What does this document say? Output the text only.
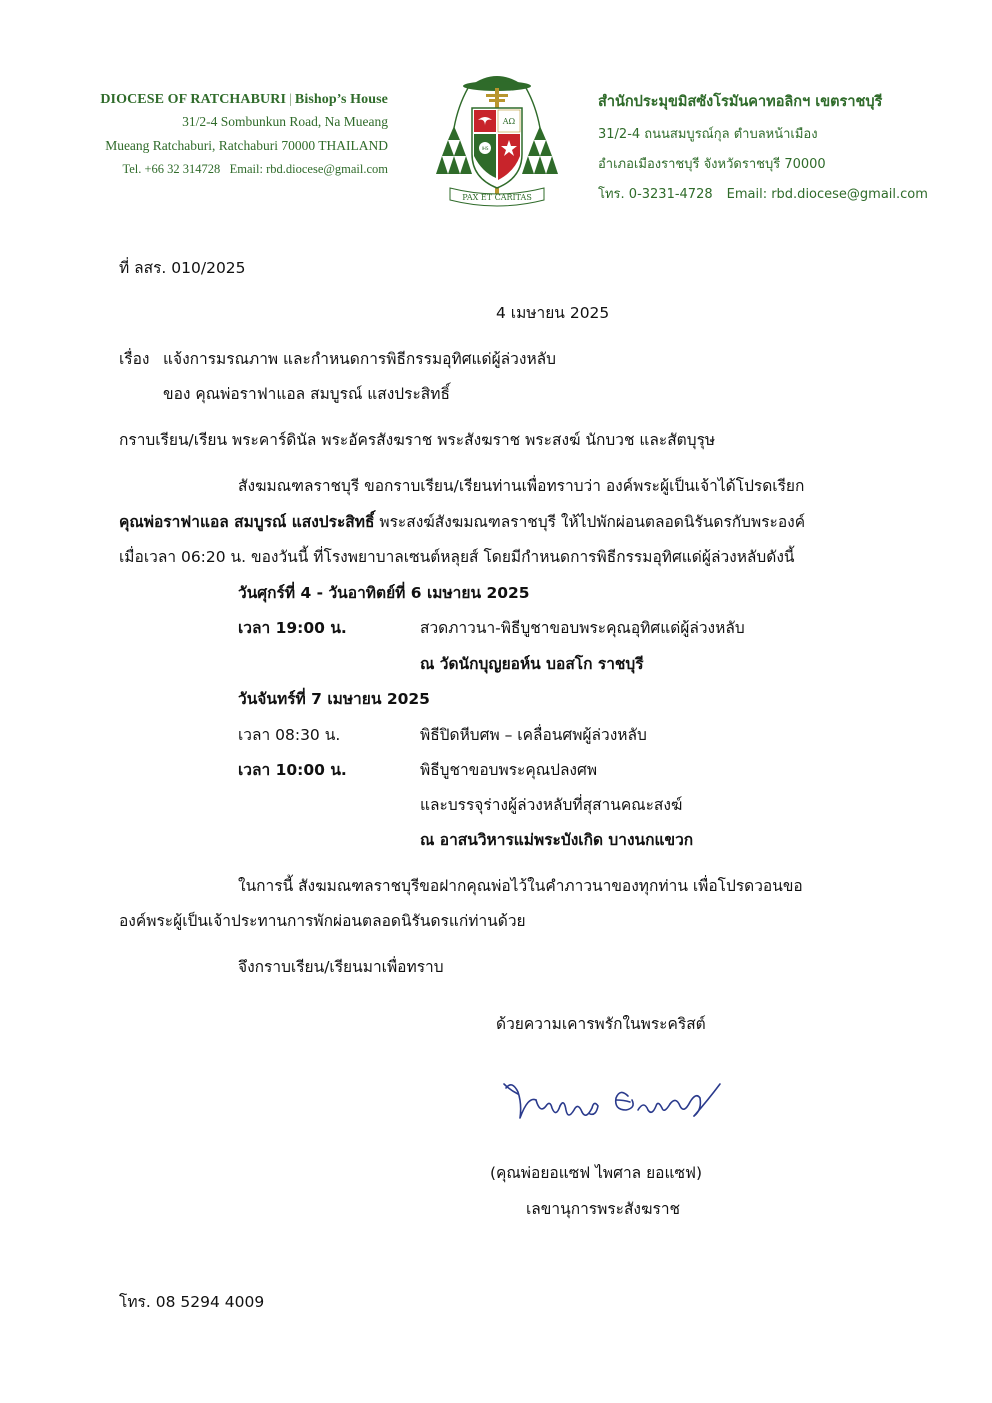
DIOCESE OF RATCHABURI | Bishop’s House
31/2-4 Sombunkun Road, Na Mueang
Mueang Ratchaburi, Ratchaburi 70000 THAILAND
Tel. +66 32 314728   Email: rbd.diocese@gmail.com
AΩ
IHS
PAX ET CARITAS
สำนักประมุขมิสซังโรมันคาทอลิกฯ เขตราชบุรี
31/2-4 ถนนสมบูรณ์กุล ตำบลหน้าเมือง
อำเภอเมืองราชบุรี จังหวัดราชบุรี 70000
โทร. 0-3231-4728 Email: rbd.diocese@gmail.com
ที่ ลสร. 010/2025
4 เมษายน 2025
เรื่อง แจ้งการมรณภาพ และกำหนดการพิธีกรรมอุทิศแด่ผู้ล่วงหลับ
ของ คุณพ่อราฟาแอล สมบูรณ์ แสงประสิทธิ์
กราบเรียน/เรียน พระคาร์ดินัล พระอัครสังฆราช พระสังฆราช พระสงฆ์ นักบวช และสัตบุรุษ
สังฆมณฑลราชบุรี ขอกราบเรียน/เรียนท่านเพื่อทราบว่า องค์พระผู้เป็นเจ้าได้โปรดเรียก
คุณพ่อราฟาแอล สมบูรณ์ แสงประสิทธิ์ พระสงฆ์สังฆมณฑลราชบุรี ให้ไปพักผ่อนตลอดนิรันดรกับพระองค์
เมื่อเวลา 06:20 น. ของวันนี้ ที่โรงพยาบาลเซนต์หลุยส์ โดยมีกำหนดการพิธีกรรมอุทิศแด่ผู้ล่วงหลับดังนี้
วันศุกร์ที่ 4 - วันอาทิตย์ที่ 6 เมษายน 2025
เวลา 19:00 น.	สวดภาวนา-พิธีบูชาขอบพระคุณอุทิศแด่ผู้ล่วงหลับ
ณ วัดนักบุญยอห์น บอสโก ราชบุรี
วันจันทร์ที่ 7 เมษายน 2025
เวลา 08:30 น.	พิธีปิดหีบศพ – เคลื่อนศพผู้ล่วงหลับ
เวลา 10:00 น.	พิธีบูชาขอบพระคุณปลงศพ
และบรรจุร่างผู้ล่วงหลับที่สุสานคณะสงฆ์
ณ อาสนวิหารแม่พระบังเกิด บางนกแขวก
ในการนี้ สังฆมณฑลราชบุรีขอฝากคุณพ่อไว้ในคำภาวนาของทุกท่าน เพื่อโปรดวอนขอ
องค์พระผู้เป็นเจ้าประทานการพักผ่อนตลอดนิรันดรแก่ท่านด้วย
จึงกราบเรียน/เรียนมาเพื่อทราบ
ด้วยความเคารพรักในพระคริสต์
(คุณพ่อยอแซฟ ไพศาล ยอแซฟ)
เลขานุการพระสังฆราช
โทร. 08 5294 4009
